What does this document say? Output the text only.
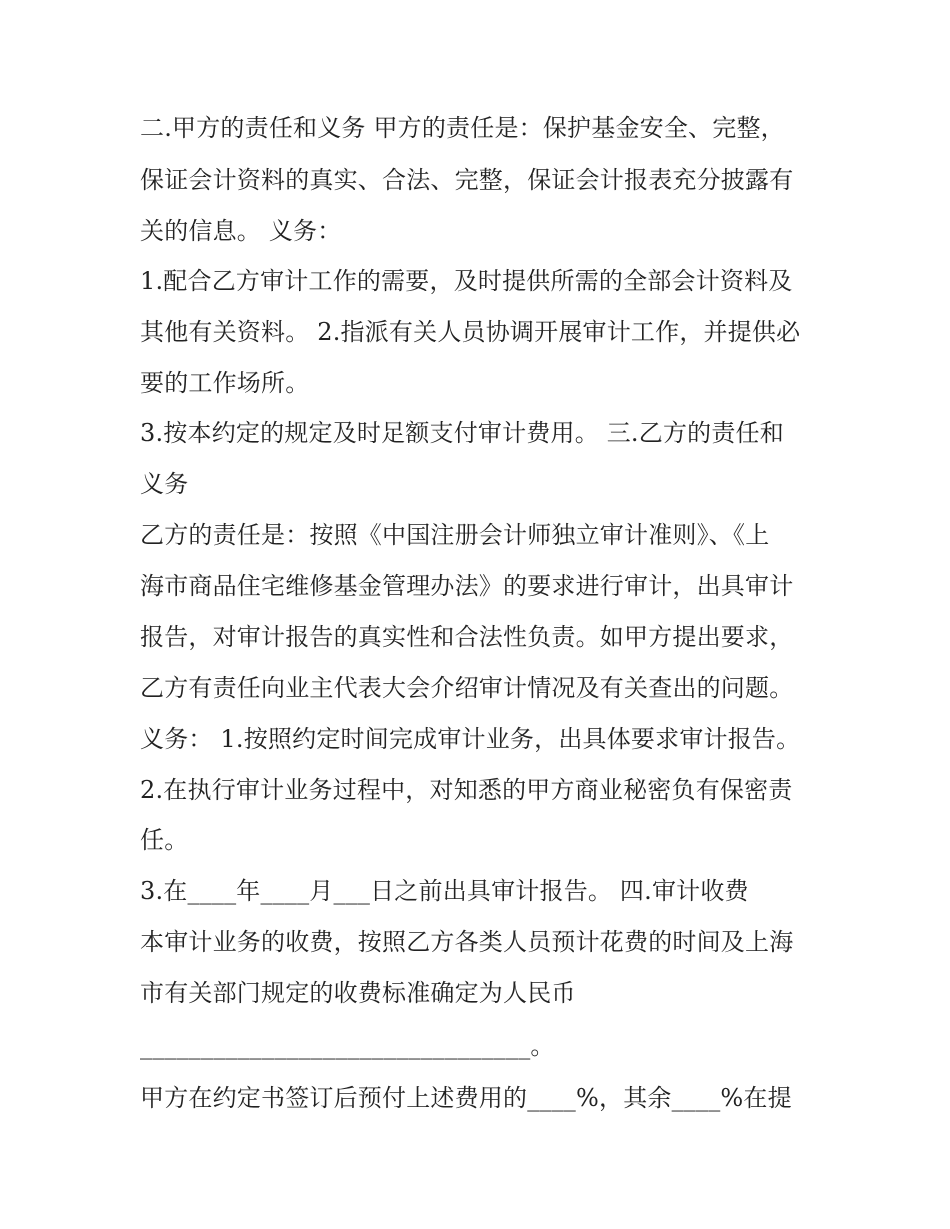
二.甲方的责任和义务 甲方的责任是：保护基金安全、完整，
保证会计资料的真实、合法、完整，保证会计报表充分披露有
关的信息。 义务：
1.配合乙方审计工作的需要，及时提供所需的全部会计资料及
其他有关资料。 2.指派有关人员协调开展审计工作，并提供必
要的工作场所。
3.按本约定的规定及时足额支付审计费用。 三.乙方的责任和
义务
乙方的责任是：按照《中国注册会计师独立审计准则》、《上
海市商品住宅维修基金管理办法》的要求进行审计，出具审计
报告，对审计报告的真实性和合法性负责。如甲方提出要求，
乙方有责任向业主代表大会介绍审计情况及有关查出的问题。
义务： 1.按照约定时间完成审计业务，出具体要求审计报告。
2.在执行审计业务过程中，对知悉的甲方商业秘密负有保密责
任。
3.在____年____月___日之前出具审计报告。 四.审计收费
本审计业务的收费，按照乙方各类人员预计花费的时间及上海
市有关部门规定的收费标准确定为人民币
________________________________。
甲方在约定书签订后预付上述费用的____%，其余____%在提
